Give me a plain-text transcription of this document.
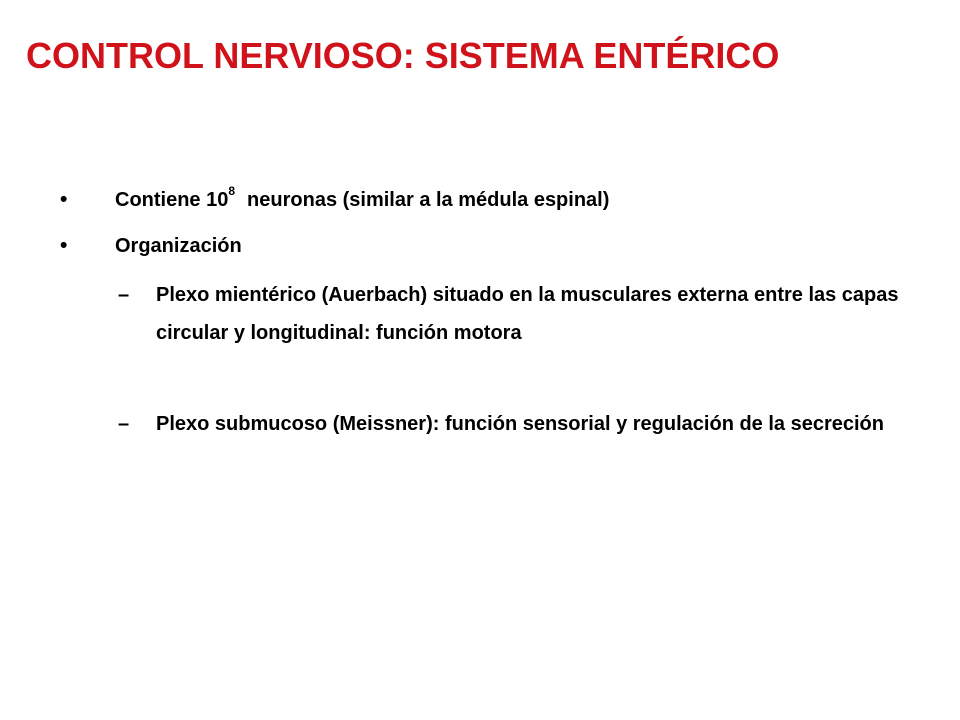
CONTROL NERVIOSO: SISTEMA ENTÉRICO
• Contiene $10^8$ neuronas (similar a la médula espinal)
• Organización
– Plexo mientérico (Auerbach) situado en la musculares externa entre las capas circular y longitudinal: función motora
– Plexo submucoso (Meissner): función sensorial y regulación de la secreción
